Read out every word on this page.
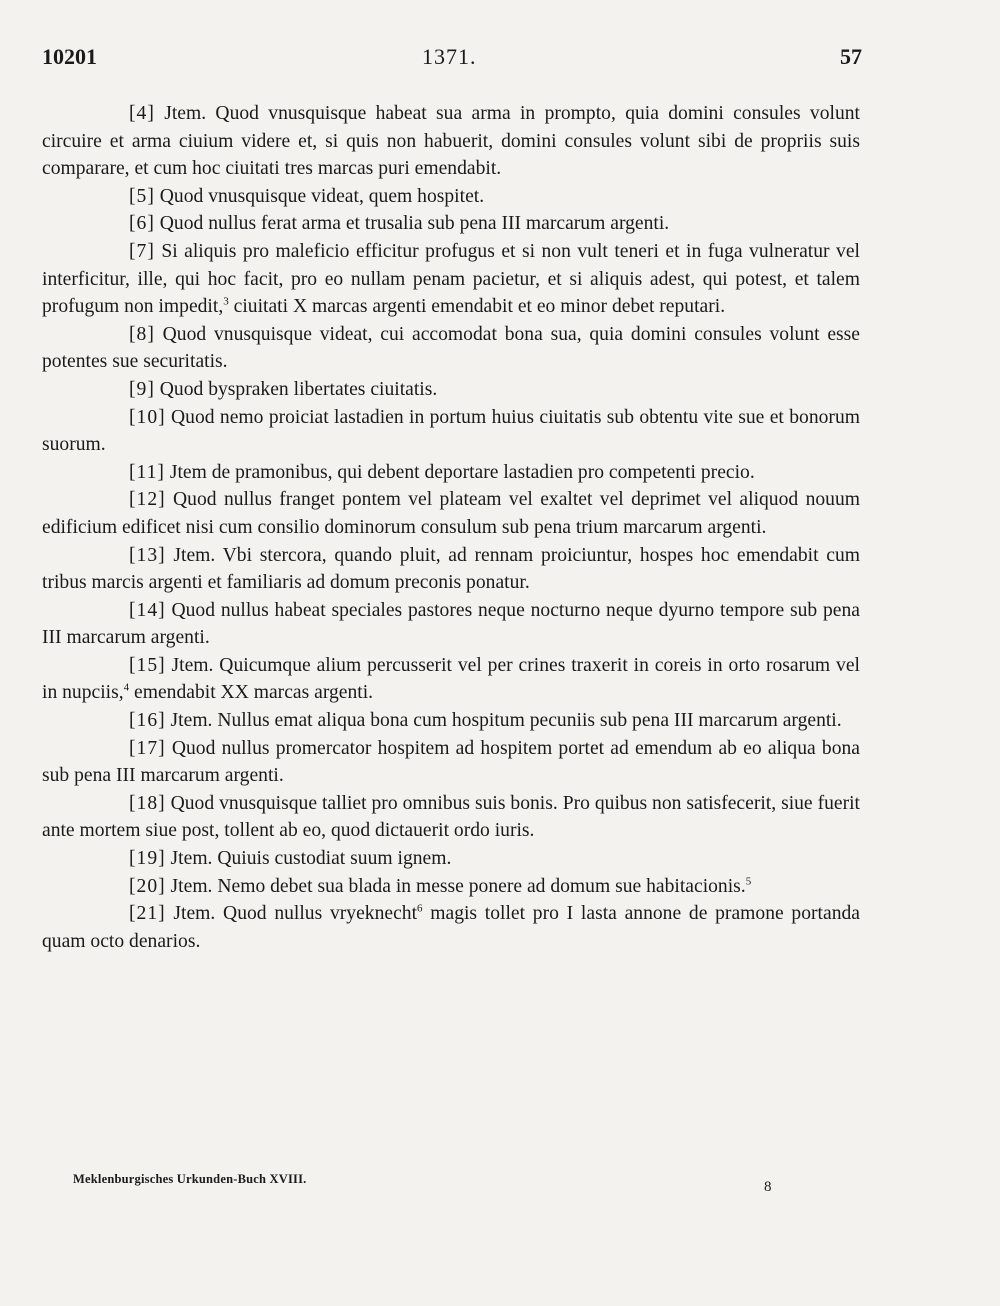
10201	1371.	57

[4] Jtem. Quod vnusquisque habeat sua arma in prompto, quia domini consules volunt circuire et arma ciuium videre et, si quis non habuerit, domini consules volunt sibi de propriis suis comparare, et cum hoc ciuitati tres marcas puri emendabit.

[5] Quod vnusquisque videat, quem hospitet.

[6] Quod nullus ferat arma et trusalia sub pena III marcarum argenti.

[7] Si aliquis pro maleficio efficitur profugus et si non vult teneri et in fuga vulneratur vel interficitur, ille, qui hoc facit, pro eo nullam penam pacietur, et si aliquis adest, qui potest, et talem profugum non impedit,$^3$ ciuitati X marcas argenti emendabit et eo minor debet reputari.

[8] Quod vnusquisque videat, cui accomodat bona sua, quia domini consules volunt esse potentes sue securitatis.

[9] Quod byspraken libertates ciuitatis.

[10] Quod nemo proiciat lastadien in portum huius ciuitatis sub obtentu vite sue et bonorum suorum.

[11] Jtem de pramonibus, qui debent deportare lastadien pro competenti precio.

[12] Quod nullus franget pontem vel plateam vel exaltet vel deprimet vel aliquod nouum edificium edificet nisi cum consilio dominorum consulum sub pena trium marcarum argenti.

[13] Jtem. Vbi stercora, quando pluit, ad rennam proiciuntur, hospes hoc emendabit cum tribus marcis argenti et familiaris ad domum preconis ponatur.

[14] Quod nullus habeat speciales pastores neque nocturno neque dyurno tempore sub pena III marcarum argenti.

[15] Jtem. Quicumque alium percusserit vel per crines traxerit in coreis in orto rosarum vel in nupciis,$^4$ emendabit XX marcas argenti.

[16] Jtem. Nullus emat aliqua bona cum hospitum pecuniis sub pena III marcarum argenti.

[17] Quod nullus promercator hospitem ad hospitem portet ad emendum ab eo aliqua bona sub pena III marcarum argenti.

[18] Quod vnusquisque talliet pro omnibus suis bonis. Pro quibus non satisfecerit, siue fuerit ante mortem siue post, tollent ab eo, quod dictauerit ordo iuris.

[19] Jtem. Quiuis custodiat suum ignem.

[20] Jtem. Nemo debet sua blada in messe ponere ad domum sue habitacionis.$^5$

[21] Jtem. Quod nullus vryeknecht$^6$ magis tollet pro I lasta annone de pramone portanda quam octo denarios.

Meklenburgisches Urkunden-Buch XVIII.	8
